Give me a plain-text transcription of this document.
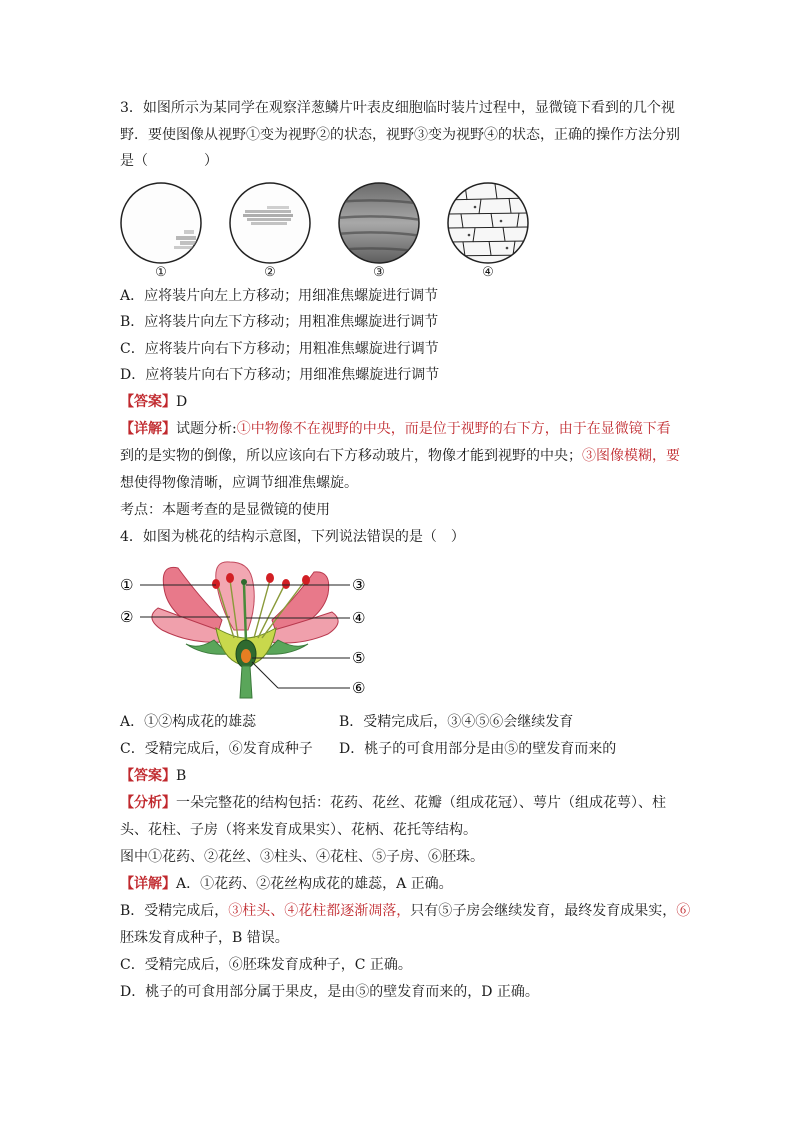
3．如图所示为某同学在观察洋葱鳞片叶表皮细胞临时装片过程中，显微镜下看到的几个视
野．要使图像从视野①变为视野②的状态，视野③变为视野④的状态，正确的操作方法分别
是（　　　　）
①	②	③	④
A．应将装片向左上方移动；用细准焦螺旋进行调节
B．应将装片向左下方移动；用粗准焦螺旋进行调节
C．应将装片向右下方移动；用粗准焦螺旋进行调节
D．应将装片向右下方移动；用细准焦螺旋进行调节
【答案】D
【详解】试题分析:①中物像不在视野的中央，而是位于视野的右下方，由于在显微镜下看
到的是实物的倒像，所以应该向右下方移动玻片，物像才能到视野的中央；③图像模糊，要
想使得物像清晰，应调节细准焦螺旋。
考点：本题考查的是显微镜的使用
4．如图为桃花的结构示意图，下列说法错误的是（　）
①
②
③
④
⑤
⑥
A．①②构成花的雄蕊	B．受精完成后，③④⑤⑥会继续发育
C．受精完成后，⑥发育成种子 D．桃子的可食用部分是由⑤的壁发育而来的
【答案】B
【分析】一朵完整花的结构包括：花药、花丝、花瓣（组成花冠）、萼片（组成花萼）、柱
头、花柱、子房（将来发育成果实）、花柄、花托等结构。
图中①花药、②花丝、③柱头、④花柱、⑤子房、⑥胚珠。
【详解】A．①花药、②花丝构成花的雄蕊，A 正确。
B．受精完成后，③柱头、④花柱都逐渐凋落，只有⑤子房会继续发育，最终发育成果实，⑥
胚珠发育成种子，B 错误。
C．受精完成后，⑥胚珠发育成种子，C 正确。
D．桃子的可食用部分属于果皮，是由⑤的壁发育而来的，D 正确。
